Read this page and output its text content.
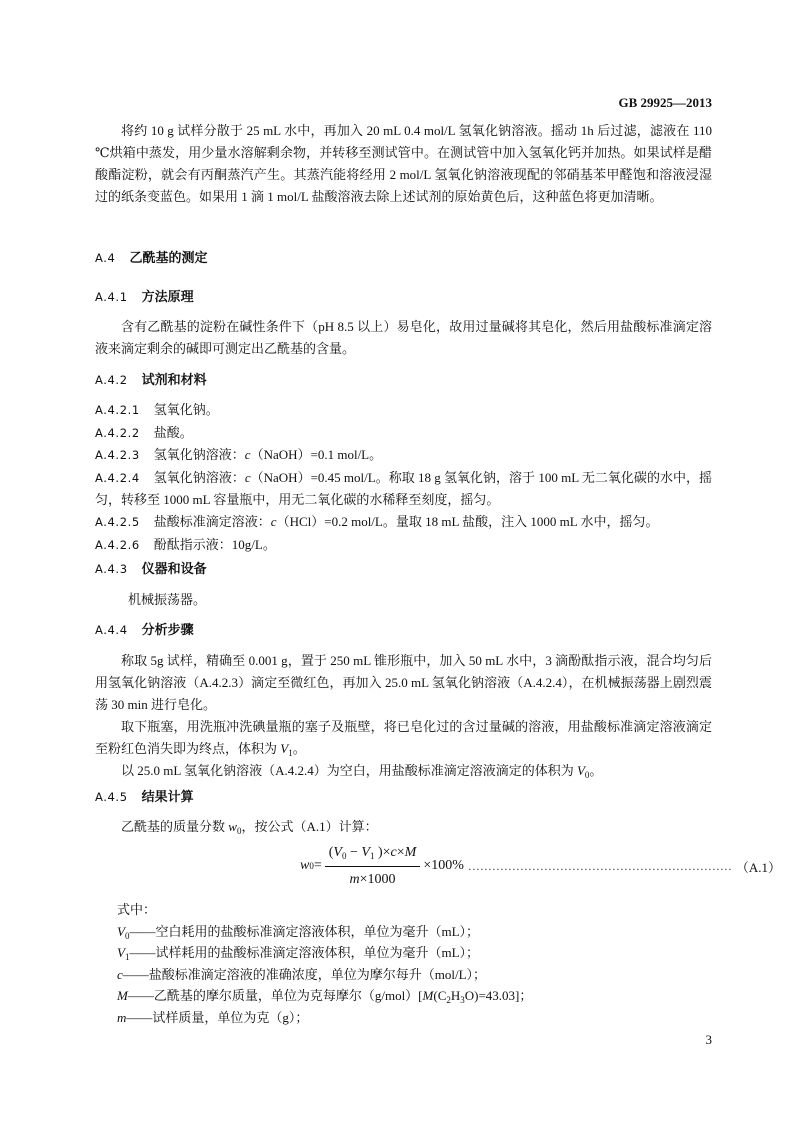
GB 29925—2013

将约 10 g 试样分散于 25 mL 水中，再加入 20 mL 0.4 mol/L 氢氧化钠溶液。摇动 1h 后过滤，滤液在 110 ℃烘箱中蒸发，用少量水溶解剩余物，并转移至测试管中。在测试管中加入氢氧化钙并加热。如果试样是醋酸酯淀粉，就会有丙酮蒸汽产生。其蒸汽能将经用 2 mol/L 氢氧化钠溶液现配的邻硝基苯甲醛饱和溶液浸湿过的纸条变蓝色。如果用 1 滴 1 mol/L 盐酸溶液去除上述试剂的原始黄色后，这种蓝色将更加清晰。

A.4 乙酰基的测定
A.4.1 方法原理

含有乙酰基的淀粉在碱性条件下（pH 8.5 以上）易皂化，故用过量碱将其皂化，然后用盐酸标准滴定溶液来滴定剩余的碱即可测定出乙酰基的含量。

A.4.2 试剂和材料
A.4.2.1 氢氧化钠。
A.4.2.2 盐酸。
A.4.2.3 氢氧化钠溶液：c（NaOH）=0.1 mol/L。
A.4.2.4 氢氧化钠溶液：c（NaOH）=0.45 mol/L。称取 18 g 氢氧化钠，溶于 100 mL 无二氧化碳的水中，摇匀，转移至 1000 mL 容量瓶中，用无二氧化碳的水稀释至刻度，摇匀。
A.4.2.5 盐酸标准滴定溶液：c（HCl）=0.2 mol/L。量取 18 mL 盐酸，注入 1000 mL 水中，摇匀。
A.4.2.6 酚酞指示液：10g/L。
A.4.3 仪器和设备

机械振荡器。

A.4.4 分析步骤

称取 5g 试样，精确至 0.001 g，置于 250 mL 锥形瓶中，加入 50 mL 水中，3 滴酚酞指示液，混合均匀后用氢氧化钠溶液（A.4.2.3）滴定至微红色，再加入 25.0 mL 氢氧化钠溶液（A.4.2.4），在机械振荡器上剧烈震荡 30 min 进行皂化。

取下瓶塞，用洗瓶冲洗碘量瓶的塞子及瓶壁，将已皂化过的含过量碱的溶液，用盐酸标准滴定溶液滴定至粉红色消失即为终点，体积为 $V_1$。

以 25.0 mL 氢氧化钠溶液（A.4.2.4）为空白，用盐酸标准滴定溶液滴定的体积为 $V_0$。

A.4.5 结果计算

乙酰基的质量分数 $w_0$，按公式（A.1）计算：

w $0 = \frac{(V_0 - V_1 )\times c\times M}{m\times 1000} \times 100\%$ ………………………………………………………… （A.1）
式中：
$V_0——$空白耗用的盐酸标准滴定溶液体积，单位为毫升（mL）；
$V_1——$试样耗用的盐酸标准滴定溶液体积，单位为毫升（mL）；
c——盐酸标准滴定溶液的准确浓度，单位为摩尔每升（mol/L）；
M——乙酰基的摩尔质量，单位为克每摩尔$(g/mol)[M(C_2H_3O)=43.03]$；
m——试样质量，单位为克（g）；
3
